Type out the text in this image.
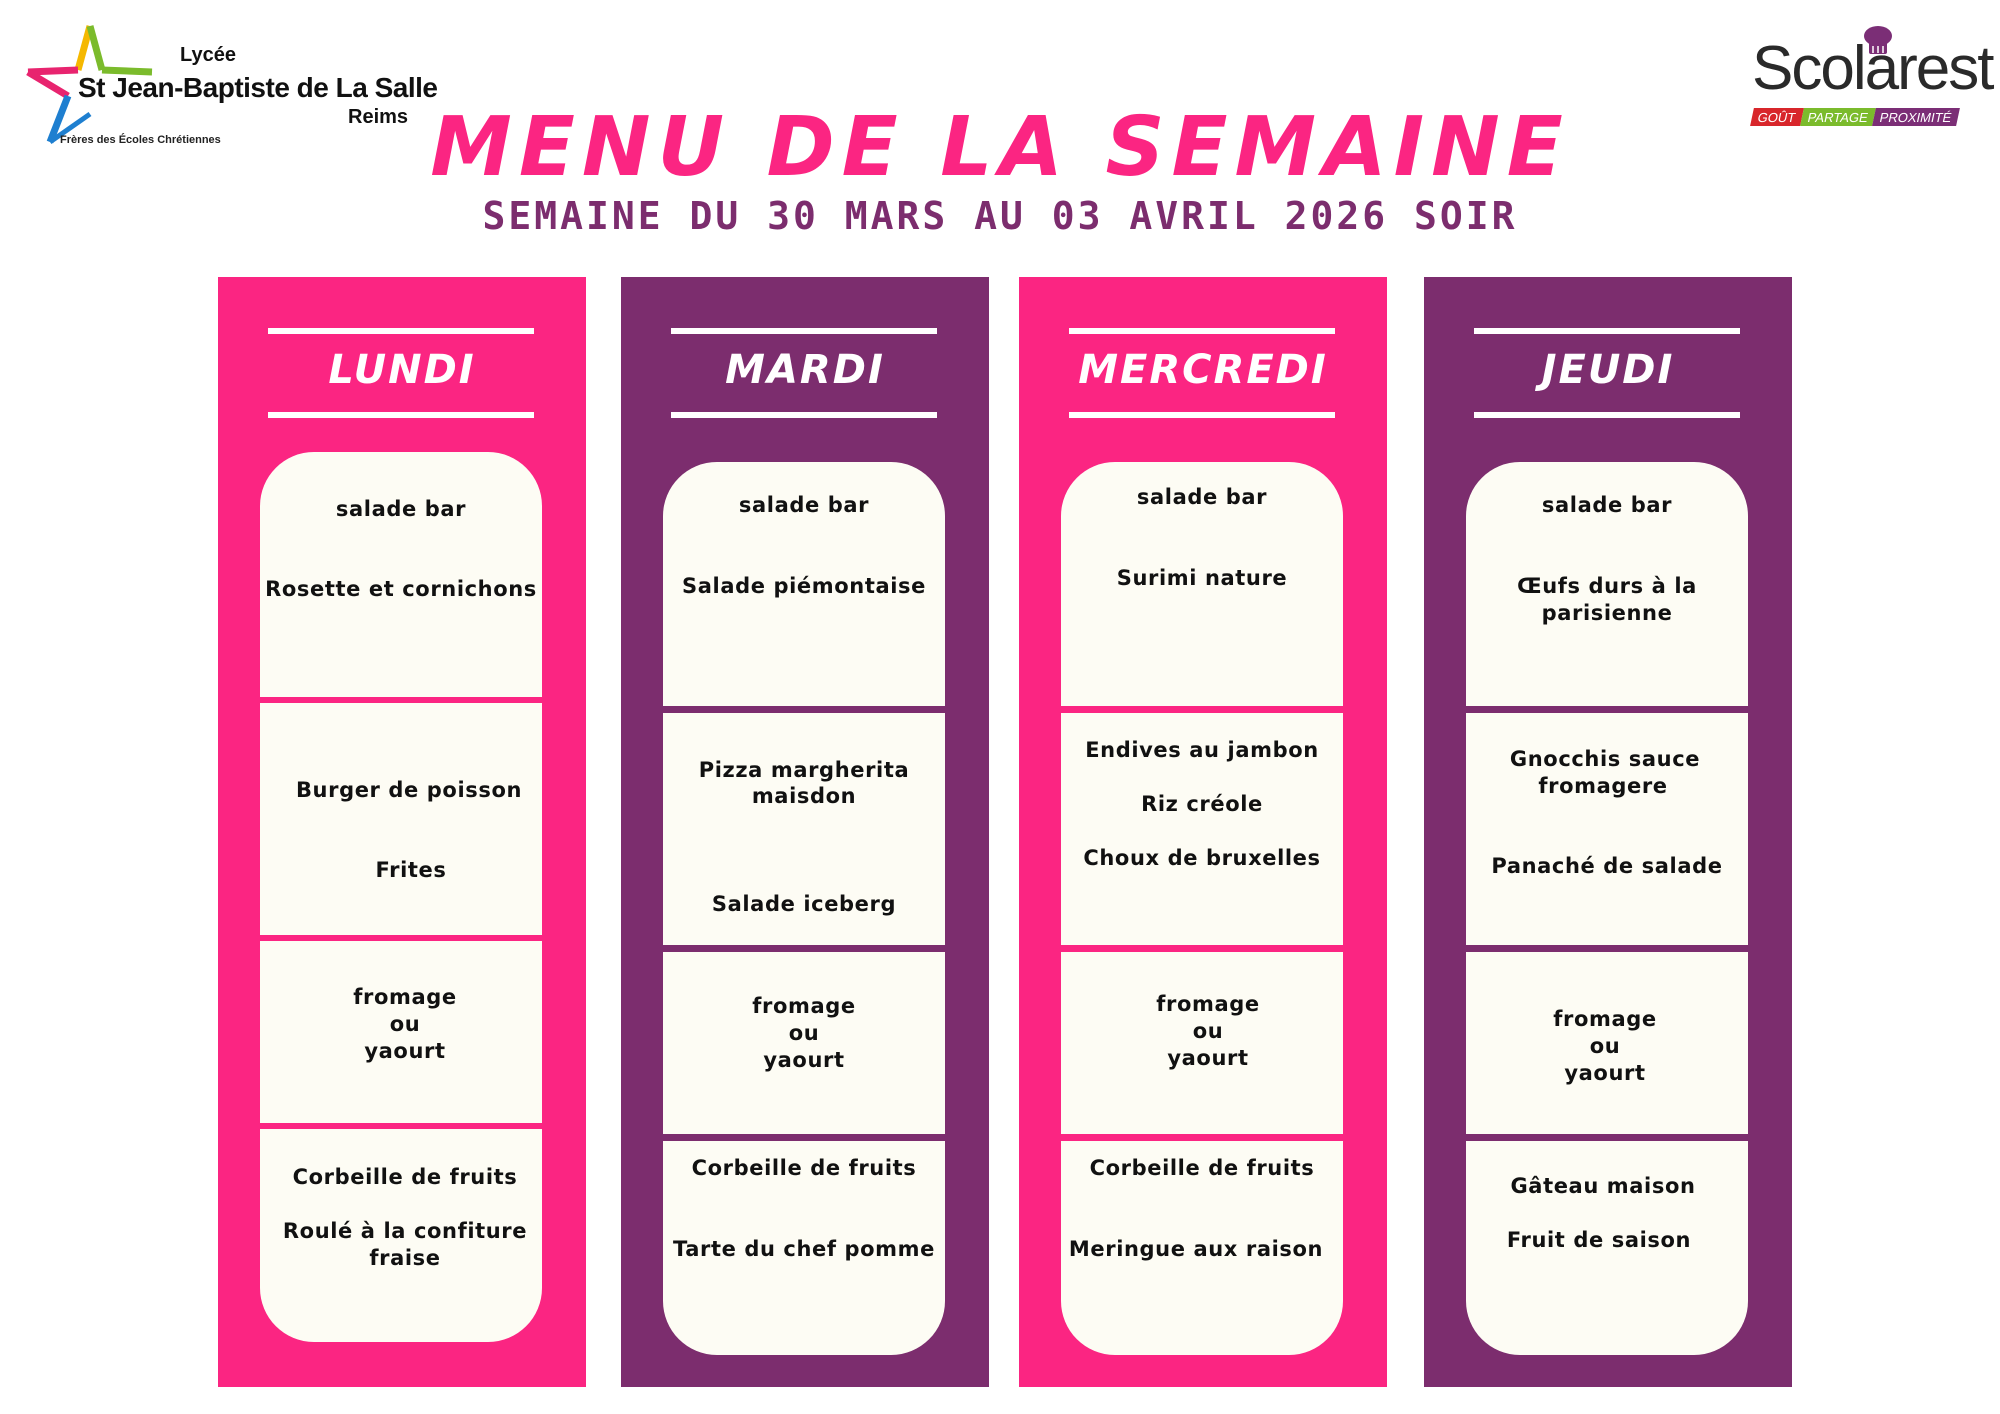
Lycée
St Jean-Baptiste de La Salle
Reims
Frères des Écoles Chrétiennes
Scolarest
GOÛT PARTAGE PROXIMITÉ
MENU DE LA SEMAINE
SEMAINE DU 30 MARS AU 03 AVRIL 2026 SOIR
LUNDI
salade bar
Rosette et cornichons
Burger de poisson
Frites
fromage
ou
yaourt
Corbeille de fruits
Roulé à la confiture
fraise
MARDI
salade bar
Salade piémontaise
Pizza margherita
maisdon
Salade iceberg
fromage
ou
yaourt
Corbeille de fruits
Tarte du chef pomme
MERCREDI
salade bar
Surimi nature
Endives au jambon
Riz créole
Choux de bruxelles
fromage
ou
yaourt
Corbeille de fruits
Meringue aux raison
JEUDI
salade bar
Œufs durs à la
parisienne
Gnocchis sauce
fromagere
Panaché de salade
fromage
ou
yaourt
Gâteau maison
Fruit de saison
